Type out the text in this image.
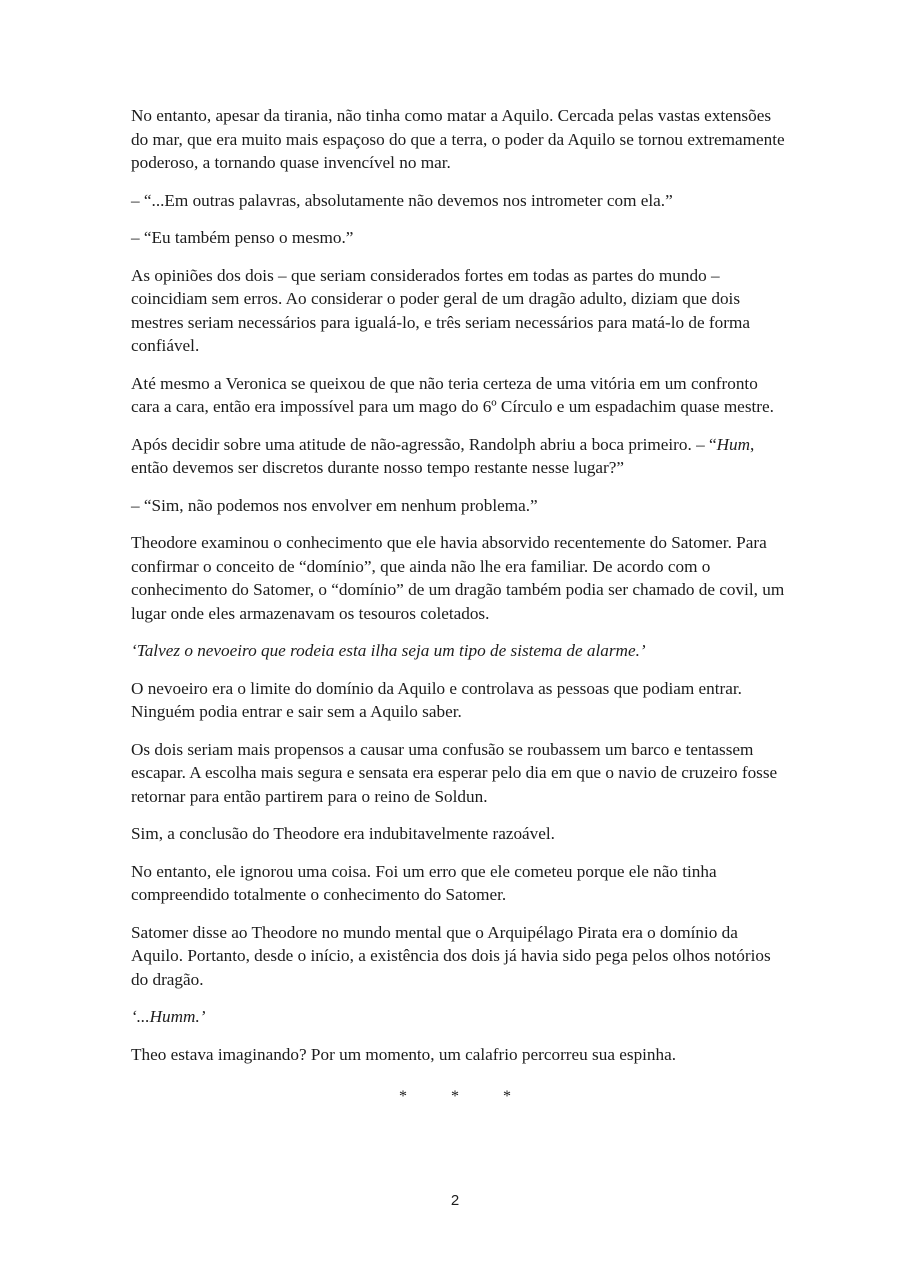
No entanto, apesar da tirania, não tinha como matar a Aquilo. Cercada pelas vastas extensões do mar, que era muito mais espaçoso do que a terra, o poder da Aquilo se tornou extremamente poderoso, a tornando quase invencível no mar.

– “...Em outras palavras, absolutamente não devemos nos intrometer com ela.”

– “Eu também penso o mesmo.”

As opiniões dos dois – que seriam considerados fortes em todas as partes do mundo – coincidiam sem erros. Ao considerar o poder geral de um dragão adulto, diziam que dois mestres seriam necessários para igualá-lo, e três seriam necessários para matá-lo de forma confiável.

Até mesmo a Veronica se queixou de que não teria certeza de uma vitória em um confronto cara a cara, então era impossível para um mago do 6º Círculo e um espadachim quase mestre.

Após decidir sobre uma atitude de não-agressão, Randolph abriu a boca primeiro. – “Hum, então devemos ser discretos durante nosso tempo restante nesse lugar?”

– “Sim, não podemos nos envolver em nenhum problema.”

Theodore examinou o conhecimento que ele havia absorvido recentemente do Satomer. Para confirmar o conceito de “domínio”, que ainda não lhe era familiar. De acordo com o conhecimento do Satomer, o “domínio” de um dragão também podia ser chamado de covil, um lugar onde eles armazenavam os tesouros coletados.

‘Talvez o nevoeiro que rodeia esta ilha seja um tipo de sistema de alarme.’

O nevoeiro era o limite do domínio da Aquilo e controlava as pessoas que podiam entrar. Ninguém podia entrar e sair sem a Aquilo saber.

Os dois seriam mais propensos a causar uma confusão se roubassem um barco e tentassem escapar. A escolha mais segura e sensata era esperar pelo dia em que o navio de cruzeiro fosse retornar para então partirem para o reino de Soldun.

Sim, a conclusão do Theodore era indubitavelmente razoável.

No entanto, ele ignorou uma coisa. Foi um erro que ele cometeu porque ele não tinha compreendido totalmente o conhecimento do Satomer.

Satomer disse ao Theodore no mundo mental que o Arquipélago Pirata era o domínio da Aquilo. Portanto, desde o início, a existência dos dois já havia sido pega pelos olhos notórios do dragão.

‘...Humm.’

Theo estava imaginando? Por um momento, um calafrio percorreu sua espinha.

* * *
2
